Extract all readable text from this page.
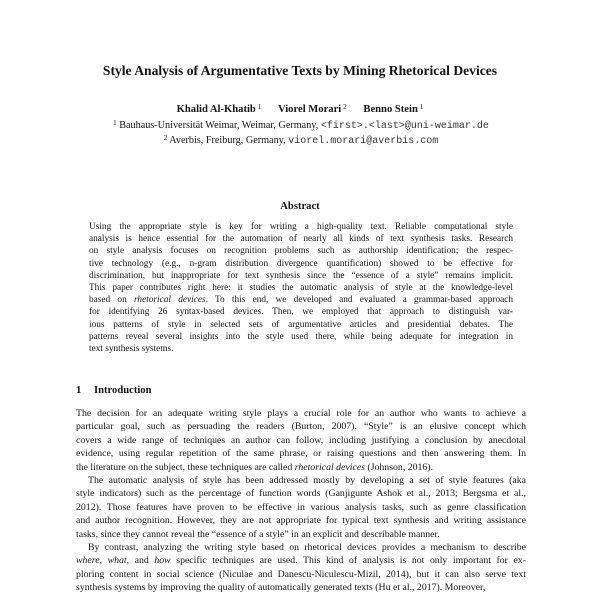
Style Analysis of Argumentative Texts by Mining Rhetorical Devices
Khalid Al-Khatib $^1$ Viorel Morari $^2$ Benno Stein $^1$
$^1$ Bauhaus-Universität Weimar, Weimar, Germany, <first>.<last>@uni-weimar.de
$^2$ Averbis, Freiburg, Germany, viorel.morari@averbis.com
Abstract
Using the appropriate style is key for writing a high-quality text. Reliable computational style
analysis is hence essential for the automation of nearly all kinds of text synthesis tasks. Research
on style analysis focuses on recognition problems such as authorship identification; the respec-
tive technology (e.g., n-gram distribution divergence quantification) showed to be effective for
discrimination, but inappropriate for text synthesis since the “essence of a style” remains implicit.
This paper contributes right here: it studies the automatic analysis of style at the knowledge-level
based on rhetorical devices. To this end, we developed and evaluated a grammar-based approach
for identifying 26 syntax-based devices. Then, we employed that approach to distinguish var-
ious patterns of style in selected sets of argumentative articles and presidential debates. The
patterns reveal several insights into the style used there, while being adequate for integration in
text synthesis systems.
1 Introduction
The decision for an adequate writing style plays a crucial role for an author who wants to achieve a
particular goal, such as persuading the readers (Burton, 2007). “Style” is an elusive concept which
covers a wide range of techniques an author can follow, including justifying a conclusion by anecdotal
evidence, using regular repetition of the same phrase, or raising questions and then answering them. In
the literature on the subject, these techniques are called rhetorical devices (Johnson, 2016).
The automatic analysis of style has been addressed mostly by developing a set of style features (aka
style indicators) such as the percentage of function words (Ganjigunte Ashok et al., 2013; Bergsma et al.,
2012). Those features have proven to be effective in various analysis tasks, such as genre classification
and author recognition. However, they are not appropriate for typical text synthesis and writing assistance
tasks, since they cannot reveal the “essence of a style” in an explicit and describable manner.
By contrast, analyzing the writing style based on rhetorical devices provides a mechanism to describe
where, what, and how specific techniques are used. This kind of analysis is not only important for ex-
ploring content in social science (Niculae and Danescu-Niculescu-Mizil, 2014), but it can also serve text
synthesis systems by improving the quality of automatically generated texts (Hu et al., 2017). Moreover,
